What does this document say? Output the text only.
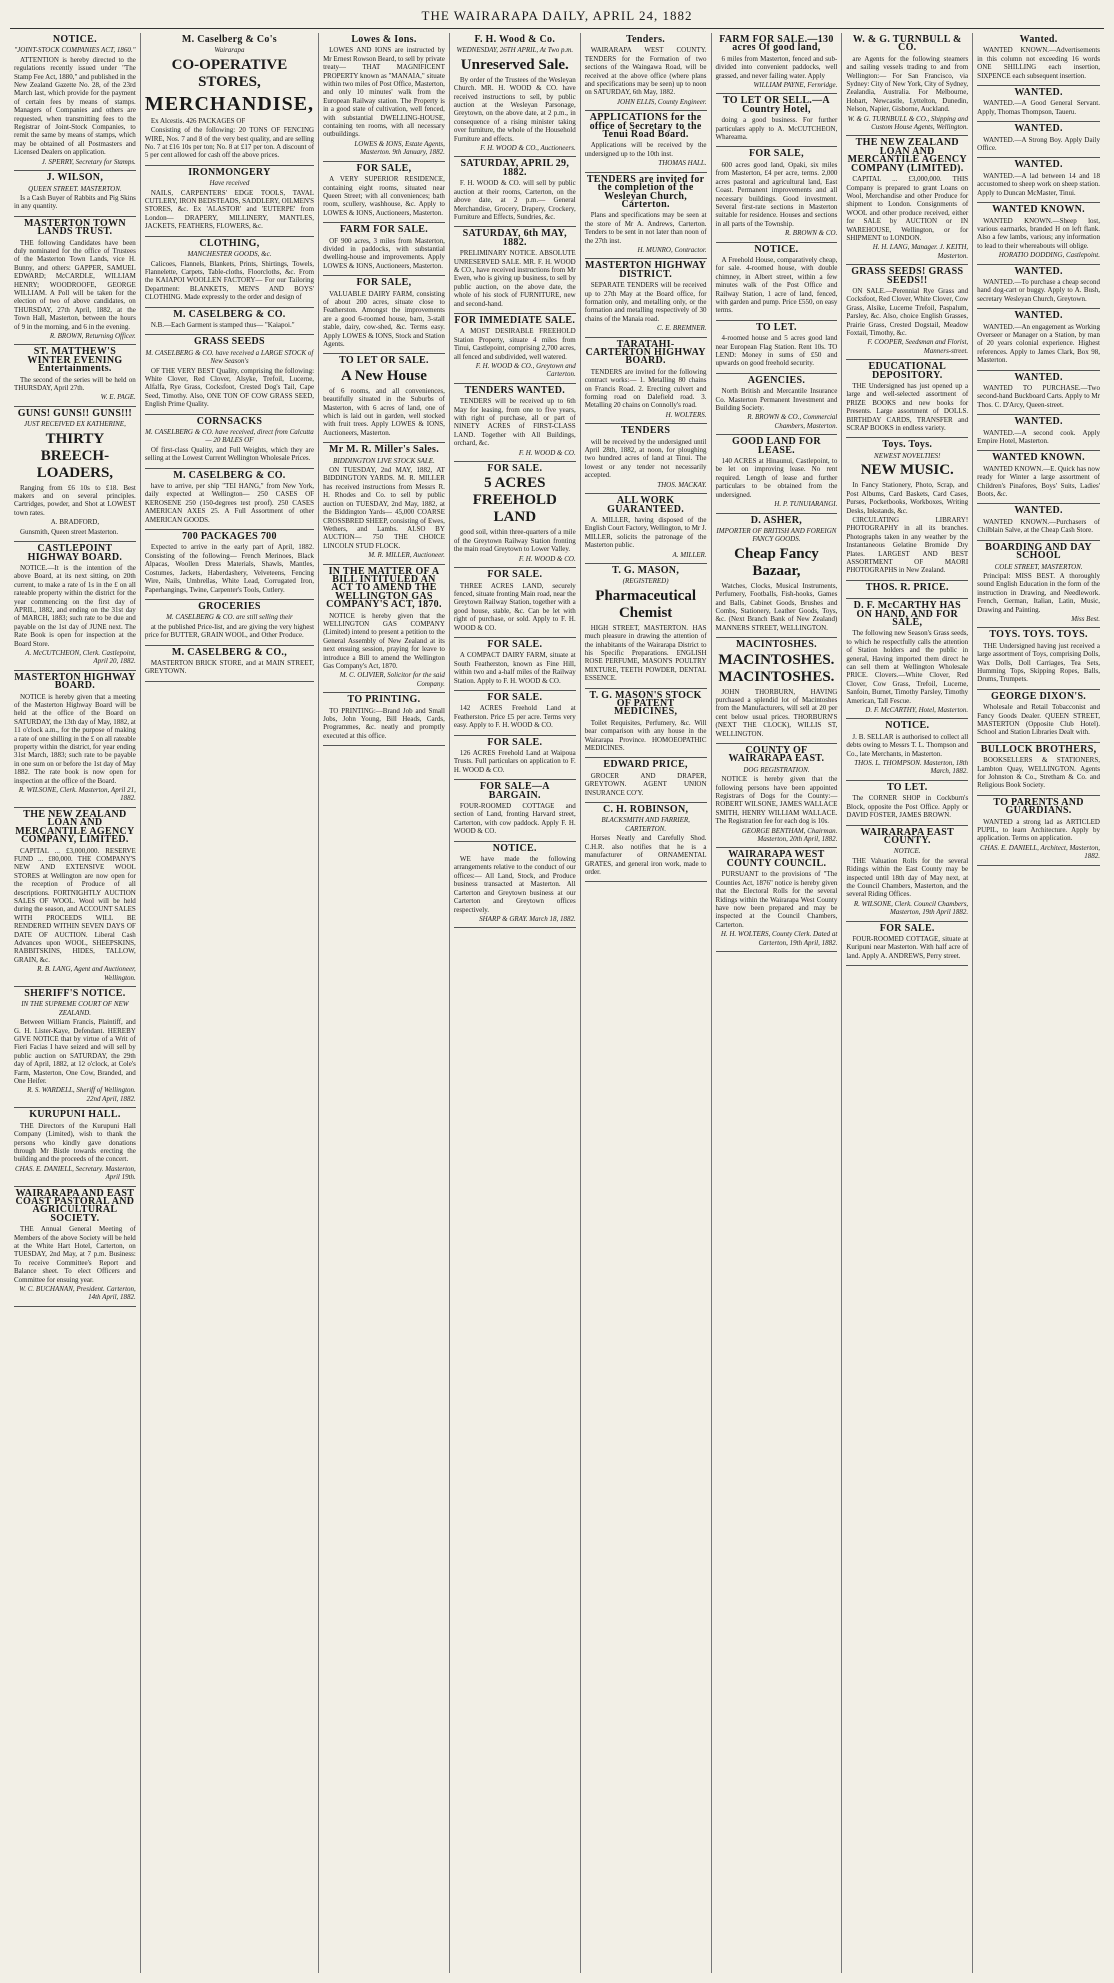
THE WAIRARAPA DAILY, APRIL 24, 1882
NOTICE.
"JOINT-STOCK COMPANIES ACT, 1860."

ATTENTION is hereby directed to the regulations recently issued under "The Stamp Fee Act, 1880," and published in the New Zealand Gazette No. 28, of the 23rd March last, which provide for the payment of certain fees by means of stamps. Managers of Companies and others are requested, when transmitting fees to the Registrar of Joint-Stock Companies, to remit the same by means of stamps, which may be obtained of all Postmasters and Licensed Dealers on application.

J. SPERRY, Secretary for Stamps.
J. WILSON,
QUEEN STREET. MASTERTON.

Is a Cash Buyer of Rabbits and Pig Skins in any quantity.

MASTERTON TOWN LANDS TRUST.

THE following Candidates have been duly nominated for the office of Trustees of the Masterton Town Lands, vice H. Bunny, and others: GAPPER, SAMUEL EDWARD; McCARDLE, WILLIAM HENRY; WOODROOFE, GEORGE WILLIAM. A Poll will be taken for the election of two of above candidates, on THURSDAY, 27th April, 1882, at the Town Hall, Masterton, between the hours of 9 in the morning, and 6 in the evening.

R. BROWN, Returning Officer.
ST. MATTHEW'S WINTER EVENING Entertainments.

The second of the series will be held on THURSDAY, April 27th.

W. E. PAGE.
GUNS! GUNS!! GUNS!!!
JUST RECEIVED EX KATHERINE,
THIRTY BREECH-LOADERS,

Ranging from £6 10s to £18. Best makers and on several principles. Cartridges, powder, and Shot at LOWEST town rates.

A. BRADFORD,

Gunsmith, Queen street Masterton.

CASTLEPOINT HIGHWAY BOARD.

NOTICE.—It is the intention of the above Board, at its next sitting, on 20th current, to make a rate of 1s in the £ on all rateable property within the district for the year commencing on the first day of APRIL, 1882, and ending on the 31st day of MARCH, 1883; such rate to be due and payable on the 1st day of JUNE next. The Rate Book is open for inspection at the Board Store.

A. McCUTCHEON, Clerk. Castlepoint, April 20, 1882.
MASTERTON HIGHWAY BOARD.

NOTICE is hereby given that a meeting of the Masterton Highway Board will be held at the office of the Board on SATURDAY, the 13th day of May, 1882, at 11 o'clock a.m., for the purpose of making a rate of one shilling in the £ on all rateable property within the district, for year ending 31st March, 1883; such rate to be payable in one sum on or before the 1st day of May 1882. The rate book is now open for inspection at the office of the Board.

R. WILSONE, Clerk. Masterton, April 21, 1882.
THE NEW ZEALAND LOAN AND MERCANTILE AGENCY COMPANY, LIMITED.

CAPITAL ... £3,000,000. RESERVE FUND ... £80,000. THE COMPANY'S NEW AND EXTENSIVE WOOL STORES at Wellington are now open for the reception of Produce of all descriptions. FORTNIGHTLY AUCTION SALES OF WOOL. Wool will be held during the season, and ACCOUNT SALES WITH PROCEEDS WILL BE RENDERED WITHIN SEVEN DAYS OF DATE OF AUCTION. Liberal Cash Advances upon WOOL, SHEEPSKINS, RABBITSKINS, HIDES, TALLOW, GRAIN, &c.

R. B. LANG, Agent and Auctioneer, Wellington.
SHERIFF'S NOTICE.
IN THE SUPREME COURT OF NEW ZEALAND.

Between William Francis, Plaintiff, and G. H. Lister-Kaye, Defendant. HEREBY GIVE NOTICE that by virtue of a Writ of Fieri Facias I have seized and will sell by public auction on SATURDAY, the 29th day of April, 1882, at 12 o'clock, at Cole's Farm, Masterton, One Cow, Branded, and One Heifer.

R. S. WARDELL, Sheriff of Wellington. 22nd April, 1882.
KURUPUNI HALL.

THE Directors of the Kurupuni Hall Company (Limited), wish to thank the persons who kindly gave donations through Mr Bistle towards erecting the building and the proceeds of the concert.

CHAS. E. DANIELL, Secretary. Masterton, April 19th.
WAIRARAPA AND EAST COAST PASTORAL AND AGRICULTURAL SOCIETY.

THE Annual General Meeting of Members of the above Society will be held at the White Hart Hotel, Carterton, on TUESDAY, 2nd May, at 7 p.m. Business: To receive Committee's Report and Balance sheet. To elect Officers and Committee for ensuing year.

W. C. BUCHANAN, President. Carterton, 14th April, 1882.
M. Caselberg & Co's
Wairarapa
CO-OPERATIVE STORES,
MERCHANDISE,

Ex Alcestis. 426 PACKAGES OF

Consisting of the following: 20 TONS OF FENCING WIRE, Nos. 7 and 8 of the very best quality, and are selling No. 7 at £16 10s per ton; No. 8 at £17 per ton. A discount of 5 per cent allowed for cash off the above prices.

IRONMONGERY
Have received

NAILS, CARPENTERS' EDGE TOOLS, TAVAL CUTLERY, IRON BEDSTEADS, SADDLERY, OILMEN'S STORES, &c. Ex 'ALASTOR' and 'EUTERPE' from London— DRAPERY, MILLINERY, MANTLES, JACKETS, FEATHERS, FLOWERS, &c.

CLOTHING,
MANCHESTER GOODS, &c.

Calicoes, Flannels, Blankets, Prints, Shirtings, Towels, Flannelette, Carpets, Table-cloths, Floorcloths, &c. From the KAIAPOI WOOLLEN FACTORY— For our Tailoring Department: BLANKETS, MEN'S AND BOYS' CLOTHING. Made expressly to the order and design of

M. CASELBERG & CO.

N.B.—Each Garment is stamped thus— "Kaiapoi."

GRASS SEEDS
M. CASELBERG & CO. have received a LARGE STOCK of New Season's

OF THE VERY BEST Quality, comprising the following: White Clover, Red Clover, Alsyke, Trefoil, Lucerne, Alfalfa, Rye Grass, Cocksfoot, Crested Dog's Tail, Cape Seed, Timothy. Also, ONE TON OF COW GRASS SEED, English Prime Quality.

CORNSACKS
M. CASELBERG & CO. have received, direct from Calcutta— 20 BALES OF

Of first-class Quality, and Full Weights, which they are selling at the Lowest Current Wellington Wholesale Prices.

M. CASELBERG & CO.

have to arrive, per ship "TEI HANG," from New York, daily expected at Wellington— 250 CASES OF KEROSENE 250 (150-degrees test proof). 250 CASES AMERICAN AXES 25. A Full Assortment of other AMERICAN GOODS.

700 PACKAGES 700

Expected to arrive in the early part of April, 1882. Consisting of the following— French Merinoes, Black Alpacas, Woollen Dress Materials, Shawls, Mantles, Costumes, Jackets, Haberdashery, Velveteens, Fencing Wire, Nails, Umbrellas, White Lead, Corrugated Iron, Paperhangings, Twine, Carpenter's Tools, Cutlery.

GROCERIES
M. CASELBERG & CO. are still selling their

at the published Price-list, and are giving the very highest price for BUTTER, GRAIN WOOL, and Other Produce.

M. CASELBERG & CO.,

MASTERTON BRICK STORE, and at MAIN STREET, GREYTOWN.

Lowes & Ions.

LOWES AND IONS are instructed by Mr Ernest Rowson Beard, to sell by private treaty— THAT MAGNIFICENT PROPERTY known as "MANAIA," situate within two miles of Post Office, Masterton, and only 10 minutes' walk from the European Railway station. The Property is in a good state of cultivation, well fenced, with substantial DWELLING-HOUSE, containing ten rooms, with all necessary outbuildings.

LOWES & IONS, Estate Agents, Masterton. 9th January, 1882.
FOR SALE,

A VERY SUPERIOR RESIDENCE, containing eight rooms, situated near Queen Street; with all conveniences; bath room, scullery, washhouse, &c. Apply to LOWES & IONS, Auctioneers, Masterton.

FARM FOR SALE.

OF 900 acres, 3 miles from Masterton, divided in paddocks, with substantial dwelling-house and improvements. Apply LOWES & IONS, Auctioneers, Masterton.

FOR SALE,

VALUABLE DAIRY FARM, consisting of about 200 acres, situate close to Featherston. Amongst the improvements are a good 6-roomed house, barn, 3-stall stable, dairy, cow-shed, &c. Terms easy. Apply LOWES & IONS, Stock and Station Agents.

TO LET OR SALE.
A New House

of 6 rooms, and all conveniences, beautifully situated in the Suburbs of Masterton, with 6 acres of land, one of which is laid out in garden, well stocked with fruit trees. Apply LOWES & IONS, Auctioneers, Masterton.

Mr M. R. Miller's Sales.
BIDDINGTON LIVE STOCK SALE.

ON TUESDAY, 2nd MAY, 1882, AT BIDDINGTON YARDS. M. R. MILLER has received instructions from Messrs R. H. Rhodes and Co. to sell by public auction on TUESDAY, 2nd May, 1882, at the Biddington Yards— 45,000 COARSE CROSSBRED SHEEP, consisting of Ewes, Wethers, and Lambs. ALSO BY AUCTION— 750 THE CHOICE LINCOLN STUD FLOCK.

M. R. MILLER, Auctioneer.
IN THE MATTER OF A BILL INTITULED AN ACT TO AMEND THE WELLINGTON GAS COMPANY'S ACT, 1870.

NOTICE is hereby given that the WELLINGTON GAS COMPANY (Limited) intend to present a petition to the General Assembly of New Zealand at its next ensuing session, praying for leave to introduce a Bill to amend the Wellington Gas Company's Act, 1870.

M. C. OLIVIER, Solicitor for the said Company.
TO PRINTING.

TO PRINTING:—Brand Job and Small Jobs, John Young, Bill Heads, Cards, Programmes, &c. neatly and promptly executed at this office.

F. H. Wood & Co.
WEDNESDAY, 26TH APRIL, At Two p.m.
Unreserved Sale.

By order of the Trustees of the Wesleyan Church. MR. H. WOOD & CO. have received instructions to sell, by public auction at the Wesleyan Parsonage, Greytown, on the above date, at 2 p.m., in consequence of a rising minister taking over furniture, the whole of the Household Furniture and effects.

F. H. WOOD & CO., Auctioneers.
SATURDAY, APRIL 29, 1882.

F. H. WOOD & CO. will sell by public auction at their rooms, Carterton, on the above date, at 2 p.m.— General Merchandise, Grocery, Drapery, Crockery, Furniture and Effects, Sundries, &c.

SATURDAY, 6th MAY, 1882.

PRELIMINARY NOTICE. ABSOLUTE UNRESERVED SALE. MR. F. H. WOOD & CO., have received instructions from Mr Ewen, who is giving up business, to sell by public auction, on the above date, the whole of his stock of FURNITURE, new and second-hand.

FOR IMMEDIATE SALE.

A MOST DESIRABLE FREEHOLD Station Property, situate 4 miles from Tinui, Castlepoint, comprising 2,700 acres, all fenced and subdivided, well watered.

F. H. WOOD & CO., Greytown and Carterton.
TENDERS WANTED.

TENDERS will be received up to 6th May for leasing, from one to five years, with right of purchase, all or part of NINETY ACRES of FIRST-CLASS LAND. Together with All Buildings, orchard, &c.

F. H. WOOD & CO.
FOR SALE.
5 ACRES FREEHOLD LAND

good soil, within three-quarters of a mile of the Greytown Railway Station fronting the main road Greytown to Lower Valley.

F. H. WOOD & CO.
FOR SALE.

THREE ACRES LAND, securely fenced, situate fronting Main road, near the Greytown Railway Station, together with a good house, stable, &c. Can be let with right of purchase, or sold. Apply to F. H. WOOD & CO.

FOR SALE.

A COMPACT DAIRY FARM, situate at South Featherston, known as Fine Hill, within two and a-half miles of the Railway Station. Apply to F. H. WOOD & CO.

FOR SALE.

142 ACRES Freehold Land at Featherston. Price £5 per acre. Terms very easy. Apply to F. H. WOOD & CO.

FOR SALE.

126 ACRES Freehold Land at Waipoua Trusts. Full particulars on application to F. H. WOOD & CO.

FOR SALE—A BARGAIN.

FOUR-ROOMED COTTAGE and section of Land, fronting Harvard street, Carterton, with cow paddock. Apply F. H. WOOD & CO.

NOTICE.

WE have made the following arrangements relative to the conduct of our offices:— All Land, Stock, and Produce business transacted at Masterton. All Carterton and Greytown business at our Carterton and Greytown offices respectively.

SHARP & GRAY. March 18, 1882.
Tenders.

WAIRARAPA WEST COUNTY. TENDERS for the Formation of two sections of the Waingawa Road, will be received at the above office (where plans and specifications may be seen) up to noon on SATURDAY, 6th May, 1882.

JOHN ELLIS, County Engineer.
APPLICATIONS for the office of Secretary to the Tenui Road Board.

Applications will be received by the undersigned up to the 10th inst.

THOMAS HALL.
TENDERS are invited for the completion of the Wesleyan Church, Carterton.

Plans and specifications may be seen at the store of Mr A. Andrews, Carterton. Tenders to be sent in not later than noon of the 27th inst.

H. MUNRO, Contractor.
MASTERTON HIGHWAY DISTRICT.

SEPARATE TENDERS will be received up to 27th May at the Board office, for formation only, and metalling only, or the formation and metalling respectively of 30 chains of the Manaia road.

C. E. BREMNER.
TARATAHI-CARTERTON HIGHWAY BOARD.

TENDERS are invited for the following contract works:— 1. Metalling 80 chains on Francis Road. 2. Erecting culvert and forming road on Dalefield road. 3. Metalling 20 chains on Connolly's road.

H. WOLTERS.
TENDERS

will be received by the undersigned until April 28th, 1882, at noon, for ploughing two hundred acres of land at Tinui. The lowest or any tender not necessarily accepted.

THOS. MACKAY.
ALL WORK GUARANTEED.

A. MILLER, having disposed of the English Court Factory, Wellington, to Mr J. MILLER, solicits the patronage of the Masterton public.

A. MILLER.
T. G. MASON,
(REGISTERED)
Pharmaceutical Chemist

HIGH STREET, MASTERTON. HAS much pleasure in drawing the attention of the inhabitants of the Wairarapa District to his Specific Preparations. ENGLISH ROSE PERFUME, MASON'S POULTRY MIXTURE, TEETH POWDER, DENTAL ESSENCE.

T. G. MASON'S STOCK OF PATENT MEDICINES,

Toilet Requisites, Perfumery, &c. Will bear comparison with any house in the Wairarapa Province. HOMOEOPATHIC MEDICINES.

EDWARD PRICE,

GROCER AND DRAPER, GREYTOWN. AGENT UNION INSURANCE CO'Y.

C. H. ROBINSON,
BLACKSMITH AND FARRIER, CARTERTON.

Horses Neatly and Carefully Shod. C.H.R. also notifies that he is a manufacturer of ORNAMENTAL GRATES, and general iron work, made to order.

FARM FOR SALE.—130 acres Of good land,

6 miles from Masterton, fenced and sub-divided into convenient paddocks, well grassed, and never failing water. Apply

WILLIAM PAYNE, Fernridge.
TO LET OR SELL.—A Country Hotel,

doing a good business. For further particulars apply to A. McCUTCHEON, Whareama.

FOR SALE,

600 acres good land, Opaki, six miles from Masterton, £4 per acre, terms. 2,000 acres pastoral and agricultural land, East Coast. Permanent improvements and all necessary buildings. Good investment. Several first-rate sections in Masterton suitable for residence. Houses and sections in all parts of the Township.

R. BROWN & CO.
NOTICE.

A Freehold House, comparatively cheap, for sale. 4-roomed house, with double chimney, in Albert street, within a few minutes walk of the Post Office and Railway Station, 1 acre of land, fenced, with garden and pump. Price £550, on easy terms.

TO LET.

4-roomed house and 5 acres good land near European Flag Station. Rent 10s. TO LEND: Money in sums of £50 and upwards on good freehold security.

AGENCIES.

North British and Mercantile Insurance Co. Masterton Permanent Investment and Building Society.

R. BROWN & CO., Commercial Chambers, Masterton.
GOOD LAND FOR LEASE.

140 ACRES at Hinaunui, Castlepoint, to be let on improving lease. No rent required. Length of lease and further particulars to be obtained from the undersigned.

H. P. TUNUIARANGI.
D. ASHER,
IMPORTER OF BRITISH AND FOREIGN FANCY GOODS.
Cheap Fancy Bazaar,

Watches, Clocks, Musical Instruments, Perfumery, Footballs, Fish-hooks, Games and Balls, Cabinet Goods, Brushes and Combs, Stationery, Leather Goods, Toys, &c. (Next Branch Bank of New Zealand) MANNERS STREET, WELLINGTON.

MACINTOSHES.
MACINTOSHES. MACINTOSHES.

JOHN THORBURN, HAVING purchased a splendid lot of Macintoshes from the Manufacturers, will sell at 20 per cent below usual prices. THORBURN'S (NEXT THE CLOCK), WILLIS ST, WELLINGTON.

COUNTY OF WAIRARAPA EAST.
DOG REGISTRATION.

NOTICE is hereby given that the following persons have been appointed Registrars of Dogs for the County:— ROBERT WILSONE, JAMES WALLACE SMITH, HENRY WILLIAM WALLACE. The Registration fee for each dog is 10s.

GEORGE BENTHAM, Chairman. Masterton, 20th April, 1882.
WAIRARAPA WEST COUNTY COUNCIL.

PURSUANT to the provisions of "The Counties Act, 1876" notice is hereby given that the Electoral Rolls for the several Ridings within the Wairarapa West County have now been prepared and may be inspected at the Council Chambers, Carterton.

H. H. WOLTERS, County Clerk. Dated at Carterton, 19th April, 1882.
W. & G. TURNBULL & CO.

are Agents for the following steamers and sailing vessels trading to and from Wellington:— For San Francisco, via Sydney: City of New York, City of Sydney, Zealandia, Australia. For Melbourne, Hobart, Newcastle, Lyttelton, Dunedin, Nelson, Napier, Gisborne, Auckland.

W. & G. TURNBULL & CO., Shipping and Custom House Agents, Wellington.
THE NEW ZEALAND LOAN AND MERCANTILE AGENCY COMPANY (LIMITED).

CAPITAL ... £3,000,000. THIS Company is prepared to grant Loans on Wool, Merchandise and other Produce for shipment to London. Consignments of WOOL and other produce received, either for SALE by AUCTION or IN WAREHOUSE, Wellington, or for SHIPMENT to LONDON.

H. H. LANG, Manager. J. KEITH, Masterton.
GRASS SEEDS! GRASS SEEDS!!

ON SALE.—Perennial Rye Grass and Cocksfoot, Red Clover, White Clover, Cow Grass, Alsike, Lucerne Trefoil, Paspalum, Parsley, &c. Also, choice English Grasses, Prairie Grass, Crested Dogstail, Meadow Foxtail, Timothy, &c.

F. COOPER, Seedsman and Florist, Manners-street.
EDUCATIONAL DEPOSITORY.

THE Undersigned has just opened up a large and well-selected assortment of PRIZE BOOKS and new books for Presents. Large assortment of DOLLS. BIRTHDAY CARDS, TRANSFER and SCRAP BOOKS in endless variety.

Toys. Toys.
NEWEST NOVELTIES!
NEW MUSIC.

In Fancy Stationery, Photo, Scrap, and Post Albums, Card Baskets, Card Cases, Purses, Pocketbooks, Workboxes, Writing Desks, Inkstands, &c.

CIRCULATING LIBRARY! PHOTOGRAPHY in all its branches. Photographs taken in any weather by the Instantaneous Gelatine Bromide Dry Plates. LARGEST AND BEST ASSORTMENT OF MAORI PHOTOGRAPHS in New Zealand.

THOS. R. PRICE.
D. F. McCARTHY HAS ON HAND, AND FOR SALE,

The following new Season's Grass seeds, to which he respectfully calls the attention of Station holders and the public in general, Having imported them direct he can sell them at Wellington Wholesale PRICE. Clovers.—White Clover, Red Clover, Cow Grass, Trefoil, Lucerne, Sanfoin, Burnet, Timothy Parsley, Timothy American, Tall Fescue.

D. F. McCARTHY, Hotel, Masterton.
NOTICE.

J. B. SELLAR is authorised to collect all debts owing to Messrs T. L. Thompson and Co., late Merchants, in Masterton.

THOS. L. THOMPSON. Masterton, 18th March, 1882.
TO LET.

The CORNER SHOP in Cockburn's Block, opposite the Post Office. Apply or DAVID FOSTER, JAMES BROWN.

WAIRARAPA EAST COUNTY.
NOTICE.

THE Valuation Rolls for the several Ridings within the East County may be inspected until 18th day of May next, at the Council Chambers, Masterton, and the several Riding Offices.

R. WILSONE, Clerk. Council Chambers, Masterton, 19th April 1882.
FOR SALE.

FOUR-ROOMED COTTAGE, situate at Kuripuni near Masterton. With half acre of land. Apply A. ANDREWS, Perry street.

Wanted.

WANTED KNOWN.—Advertisements in this column not exceeding 16 words ONE SHILLING each insertion, SIXPENCE each subsequent insertion.

WANTED.

WANTED.—A Good General Servant. Apply, Thomas Thompson, Taueru.

WANTED.

WANTED.—A Strong Boy. Apply Daily Office.

WANTED.

WANTED.—A lad between 14 and 18 accustomed to sheep work on sheep station. Apply to Duncan McMaster, Tinui.

WANTED KNOWN.

WANTED KNOWN.—Sheep lost, various earmarks, branded H on left flank. Also a few lambs, various; any information to lead to their whereabouts will oblige.

HORATIO DODDING, Castlepoint.
WANTED.

WANTED.—To purchase a cheap second hand dog-cart or buggy. Apply to A. Bush, secretary Wesleyan Church, Greytown.

WANTED.

WANTED.—An engagement as Working Overseer or Manager on a Station, by man of 20 years colonial experience. Highest references. Apply to James Clark, Box 98, Masterton.

WANTED.

WANTED TO PURCHASE.—Two second-hand Buckboard Carts. Apply to Mr Thos. C. D'Arcy, Queen-street.

WANTED.

WANTED.—A second cook. Apply Empire Hotel, Masterton.

WANTED KNOWN.

WANTED KNOWN.—E. Quick has now ready for Winter a large assortment of Children's Pinafores, Boys' Suits, Ladies' Boots, &c.

WANTED.

WANTED KNOWN.—Purchasers of Chilblain Salve, at the Cheap Cash Store.

BOARDING AND DAY SCHOOL
COLE STREET, MASTERTON.

Principal: MISS BEST. A thoroughly sound English Education in the form of the instruction in Drawing, and Needlework. French, German, Italian, Latin, Music, Drawing and Painting.

Miss Best.
TOYS. TOYS. TOYS.

THE Undersigned having just received a large assortment of Toys, comprising Dolls, Wax Dolls, Doll Carriages, Tea Sets, Humming Tops, Skipping Ropes, Balls, Drums, Trumpets.

GEORGE DIXON'S.

Wholesale and Retail Tobacconist and Fancy Goods Dealer. QUEEN STREET, MASTERTON (Opposite Club Hotel). School and Station Libraries Dealt with.

BULLOCK BROTHERS,

BOOKSELLERS & STATIONERS, Lambton Quay, WELLINGTON. Agents for Johnston & Co., Stretham & Co. and Religious Book Society.

TO PARENTS AND GUARDIANS.

WANTED a strong lad as ARTICLED PUPIL, to learn Architecture. Apply by application. Terms on application.

CHAS. E. DANIELL, Architect, Masterton, 1882.
